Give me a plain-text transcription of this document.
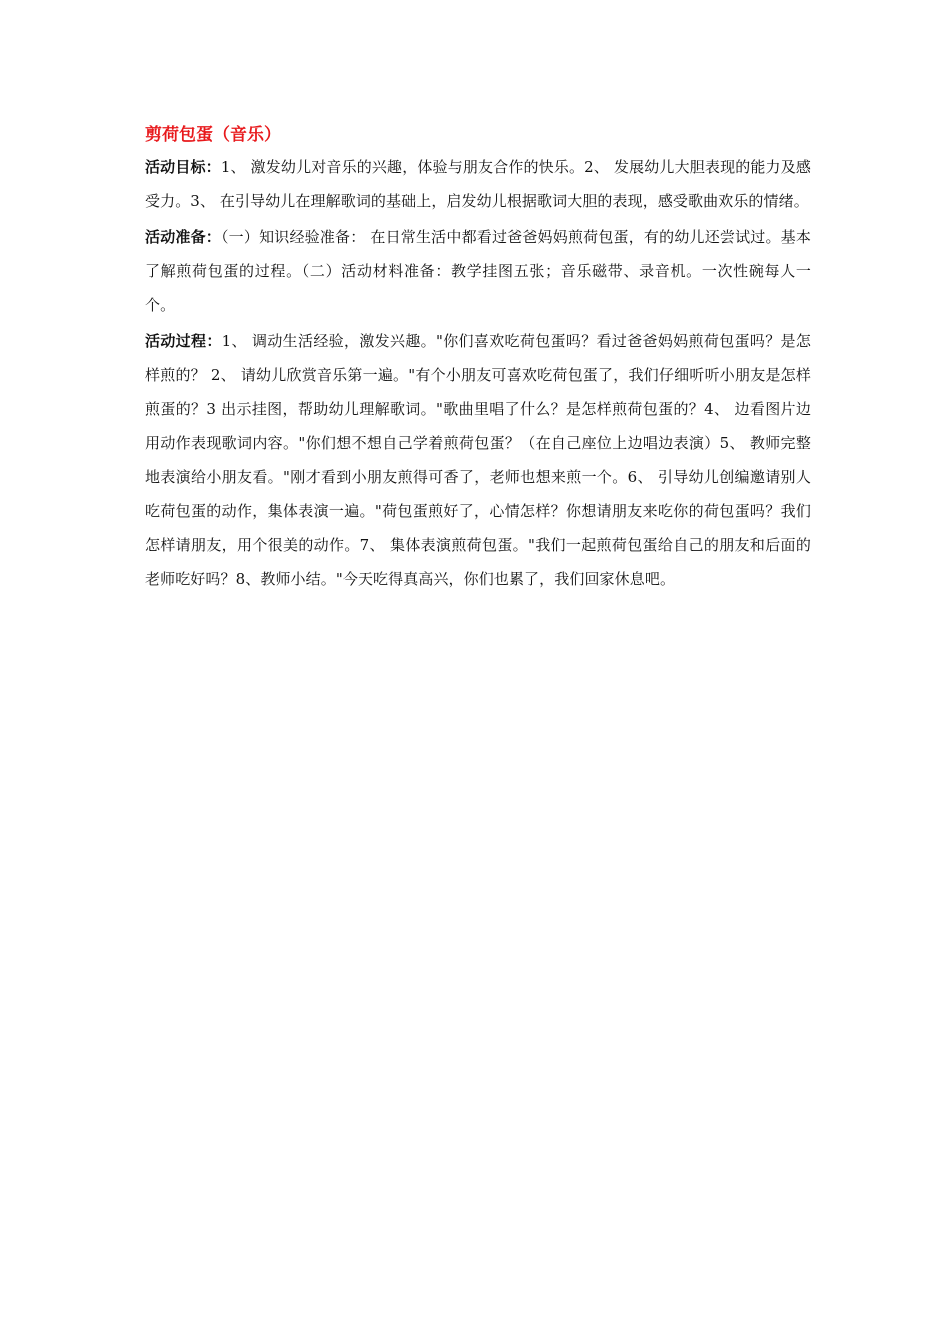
剪荷包蛋（音乐）

活动目标：1、 激发幼儿对音乐的兴趣，体验与朋友合作的快乐。2、 发展幼儿大胆表现的能力及感受力。3、 在引导幼儿在理解歌词的基础上，启发幼儿根据歌词大胆的表现，感受歌曲欢乐的情绪。

活动准备：（一）知识经验准备： 在日常生活中都看过爸爸妈妈煎荷包蛋，有的幼儿还尝试过。基本了解煎荷包蛋的过程。（二）活动材料准备：教学挂图五张；音乐磁带、录音机。一次性碗每人一个。

活动过程：1、 调动生活经验，激发兴趣。"你们喜欢吃荷包蛋吗？看过爸爸妈妈煎荷包蛋吗？是怎样煎的？ 2、 请幼儿欣赏音乐第一遍。"有个小朋友可喜欢吃荷包蛋了，我们仔细听听小朋友是怎样煎蛋的？3 出示挂图，帮助幼儿理解歌词。"歌曲里唱了什么？是怎样煎荷包蛋的？4、 边看图片边用动作表现歌词内容。"你们想不想自己学着煎荷包蛋？（在自己座位上边唱边表演）5、 教师完整地表演给小朋友看。"刚才看到小朋友煎得可香了，老师也想来煎一个。6、 引导幼儿创编邀请别人吃荷包蛋的动作，集体表演一遍。"荷包蛋煎好了，心情怎样？你想请朋友来吃你的荷包蛋吗？我们怎样请朋友，用个很美的动作。7、 集体表演煎荷包蛋。"我们一起煎荷包蛋给自己的朋友和后面的老师吃好吗？8、教师小结。"今天吃得真高兴，你们也累了，我们回家休息吧。
